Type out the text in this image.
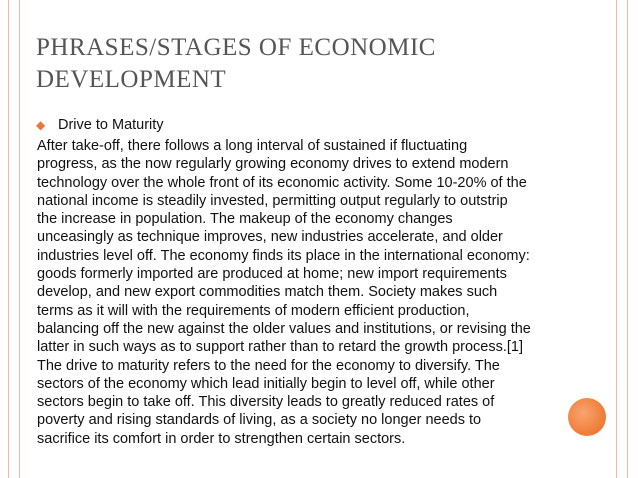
PHRASES/STAGES OF ECONOMIC
DEVELOPMENT
◆ Drive to Maturity
After take-off, there follows a long interval of sustained if fluctuating
progress, as the now regularly growing economy drives to extend modern
technology over the whole front of its economic activity. Some 10-20% of the
national income is steadily invested, permitting output regularly to outstrip
the increase in population. The makeup of the economy changes
unceasingly as technique improves, new industries accelerate, and older
industries level off. The economy finds its place in the international economy:
goods formerly imported are produced at home; new import requirements
develop, and new export commodities match them. Society makes such
terms as it will with the requirements of modern efficient production,
balancing off the new against the older values and institutions, or revising the
latter in such ways as to support rather than to retard the growth process.[1]
The drive to maturity refers to the need for the economy to diversify. The
sectors of the economy which lead initially begin to level off, while other
sectors begin to take off. This diversity leads to greatly reduced rates of
poverty and rising standards of living, as a society no longer needs to
sacrifice its comfort in order to strengthen certain sectors.
